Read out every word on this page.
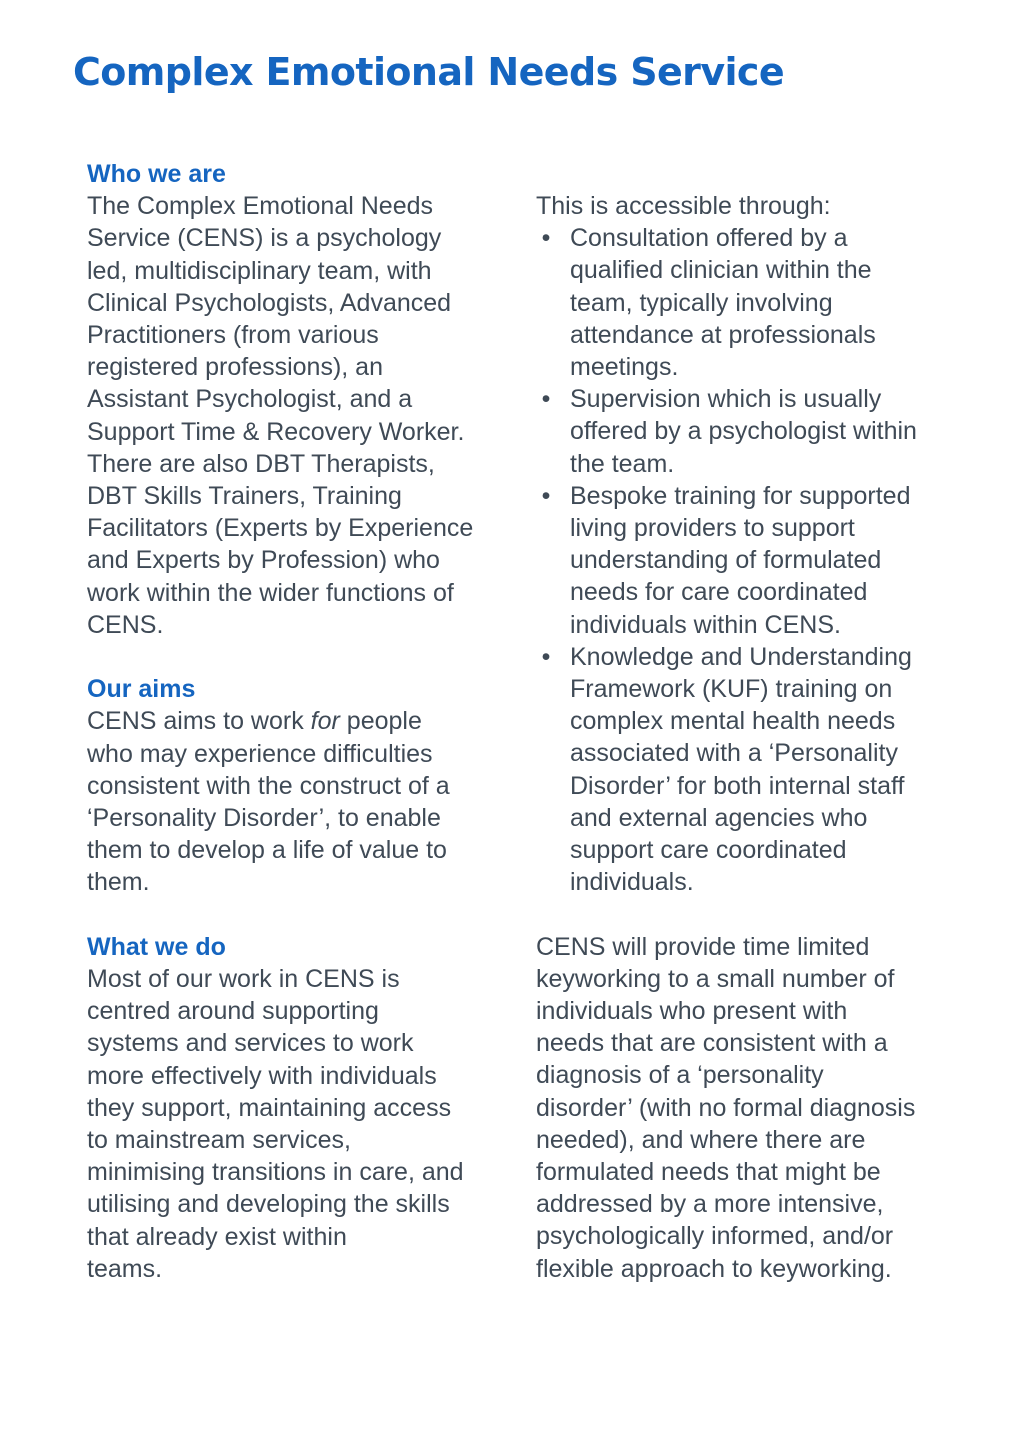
Complex Emotional Needs Service
Who we are

The Complex Emotional Needs
Service (CENS) is a psychology
led, multidisciplinary team, with
Clinical Psychologists, Advanced
Practitioners (from various
registered professions), an
Assistant Psychologist, and a
Support Time & Recovery Worker.
There are also DBT Therapists,
DBT Skills Trainers, Training
Facilitators (Experts by Experience
and Experts by Profession) who
work within the wider functions of
CENS.

Our aims

CENS aims to work for people
who may experience difficulties
consistent with the construct of a
‘Personality Disorder’, to enable
them to develop a life of value to
them.

What we do

Most of our work in CENS is
centred around supporting
systems and services to work
more effectively with individuals
they support, maintaining access
to mainstream services,
minimising transitions in care, and
utilising and developing the skills
that already exist within
teams.

This is accessible through:

• Consultation offered by a
qualified clinician within the
team, typically involving
attendance at professionals
meetings.
• Supervision which is usually
offered by a psychologist within
the team.
• Bespoke training for supported
living providers to support
understanding of formulated
needs for care coordinated
individuals within CENS.
• Knowledge and Understanding
Framework (KUF) training on
complex mental health needs
associated with a ‘Personality
Disorder’ for both internal staff
and external agencies who
support care coordinated
individuals.

CENS will provide time limited
keyworking to a small number of
individuals who present with
needs that are consistent with a
diagnosis of a ‘personality
disorder’ (with no formal diagnosis
needed), and where there are
formulated needs that might be
addressed by a more intensive,
psychologically informed, and/or
flexible approach to keyworking.
